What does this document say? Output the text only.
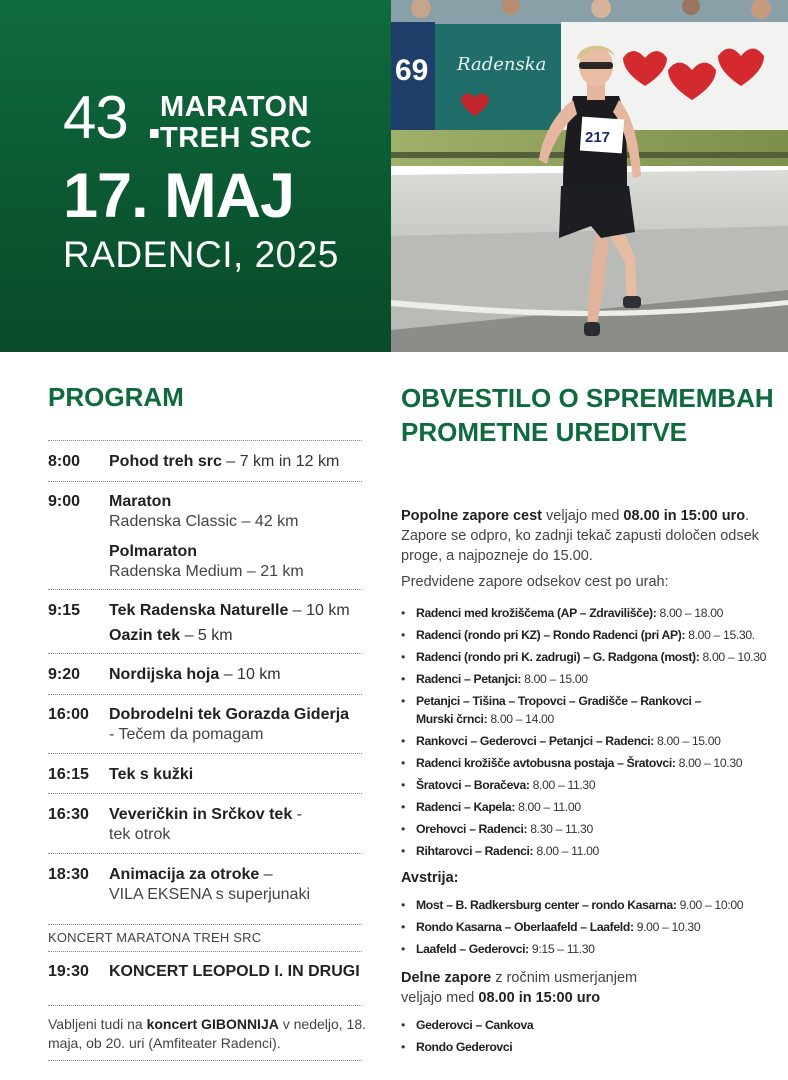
43 .
MARATON
TREH SRC
17. MAJ
RADENCI, 2025
69 Radenska
217
PROGRAM
8:00 Pohod treh src – 7 km in 12 km
9:00 Maraton
Radenska Classic – 42 km
Polmaraton
Radenska Medium – 21 km
9:15 Tek Radenska Naturelle – 10 km
Oazin tek – 5 km
9:20 Nordijska hoja – 10 km
16:00 Dobrodelni tek Gorazda Giderja
- Tečem da pomagam
16:15 Tek s kužki
16:30 Veveričkin in Srčkov tek -
tek otrok
18:30 Animacija za otroke –
VILA EKSENA s superjunaki
KONCERT MARATONA TREH SRC
19:30 KONCERT LEOPOLD I. IN DRUGI
Vabljeni tudi na koncert GIBONNIJA v nedeljo, 18. maja, ob 20. uri (Amfiteater Radenci).
OBVESTILO O SPREMEMBAH PROMETNE UREDITVE
Popolne zapore cest veljajo med 08.00 in 15:00 uro. Zapore se odpro, ko zadnji tekač zapusti določen odsek proge, a najpozneje do 15.00.
Predvidene zapore odsekov cest po urah:
• Radenci med krožiščema (AP – Zdravilišče): 8.00 – 18.00
• Radenci (rondo pri KZ) – Rondo Radenci (pri AP): 8.00 – 15.30.
• Radenci (rondo pri K. zadrugi) – G. Radgona (most): 8.00 – 10.30
• Radenci – Petanjci: 8.00 – 15.00
• Petanjci – Tišina – Tropovci – Gradišče – Rankovci – Murski črnci: 8.00 – 14.00
• Rankovci – Gederovci – Petanjci – Radenci: 8.00 – 15.00
• Radenci krožišče avtobusna postaja – Šratovci: 8.00 – 10.30
• Šratovci – Boračeva: 8.00 – 11.30
• Radenci – Kapela: 8.00 – 11.00
• Orehovci – Radenci: 8.30 – 11.30
• Rihtarovci – Radenci: 8.00 – 11.00
Avstrija:
• Most – B. Radkersburg center – rondo Kasarna: 9.00 – 10:00
• Rondo Kasarna – Oberlaafeld – Laafeld: 9.00 – 10.30
• Laafeld – Gederovci: 9:15 – 11.30
Delne zapore z ročnim usmerjanjem veljajo med 08.00 in 15:00 uro
• Gederovci – Cankova
• Rondo Gederovci
